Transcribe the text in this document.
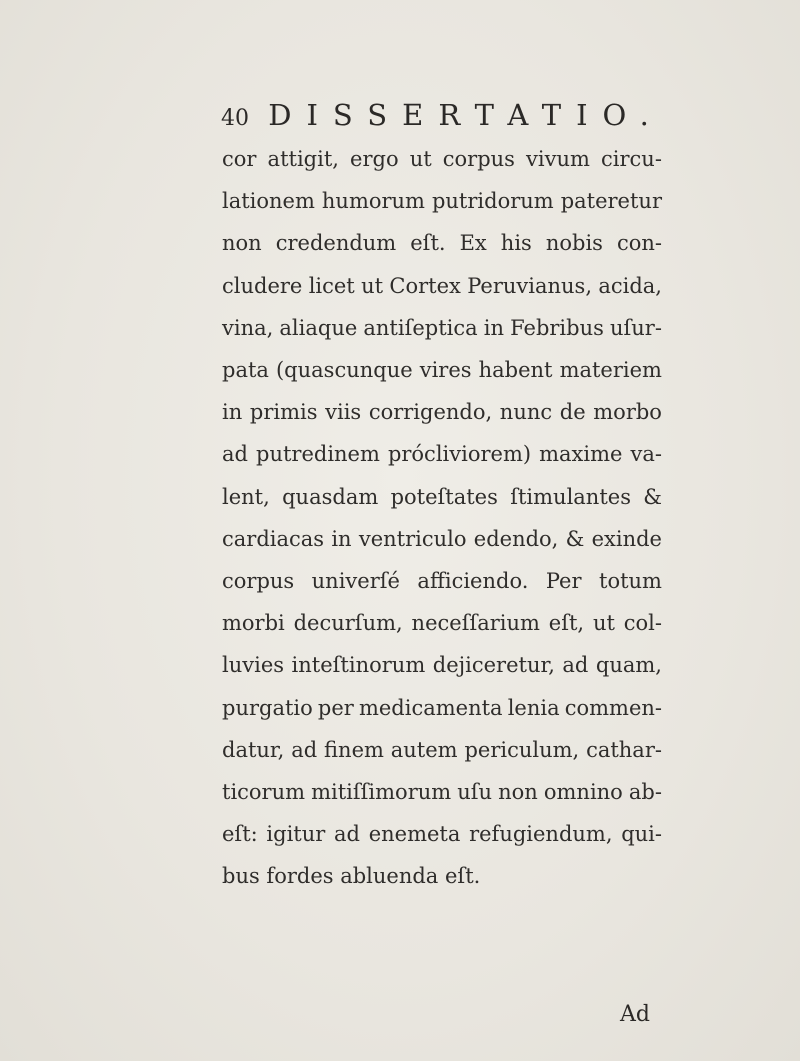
40 DISSERTATIO.
cor attigit, ergo ut corpus vivum circu-
lationem humorum putridorum pateretur
non credendum eſt. Ex his nobis con-
cludere licet ut Cortex Peruvianus, acida,
vina, aliaque antiſeptica in Febribus uſur-
pata (quascunque vires habent materiem
in primis viis corrigendo, nunc de morbo
ad putredinem prócliviorem) maxime va-
lent, quasdam poteſtates ſtimulantes &
cardiacas in ventriculo edendo, & exinde
corpus univerſé afficiendo. Per totum
morbi decurſum, neceſſarium eſt, ut col-
luvies inteſtinorum dejiceretur, ad quam,
purgatio per medicamenta lenia commen-
datur, ad finem autem periculum, cathar-
ticorum mitiſſimorum uſu non omnino ab-
eſt: igitur ad enemeta refugiendum, qui-
bus fordes abluenda eſt.
Ad
